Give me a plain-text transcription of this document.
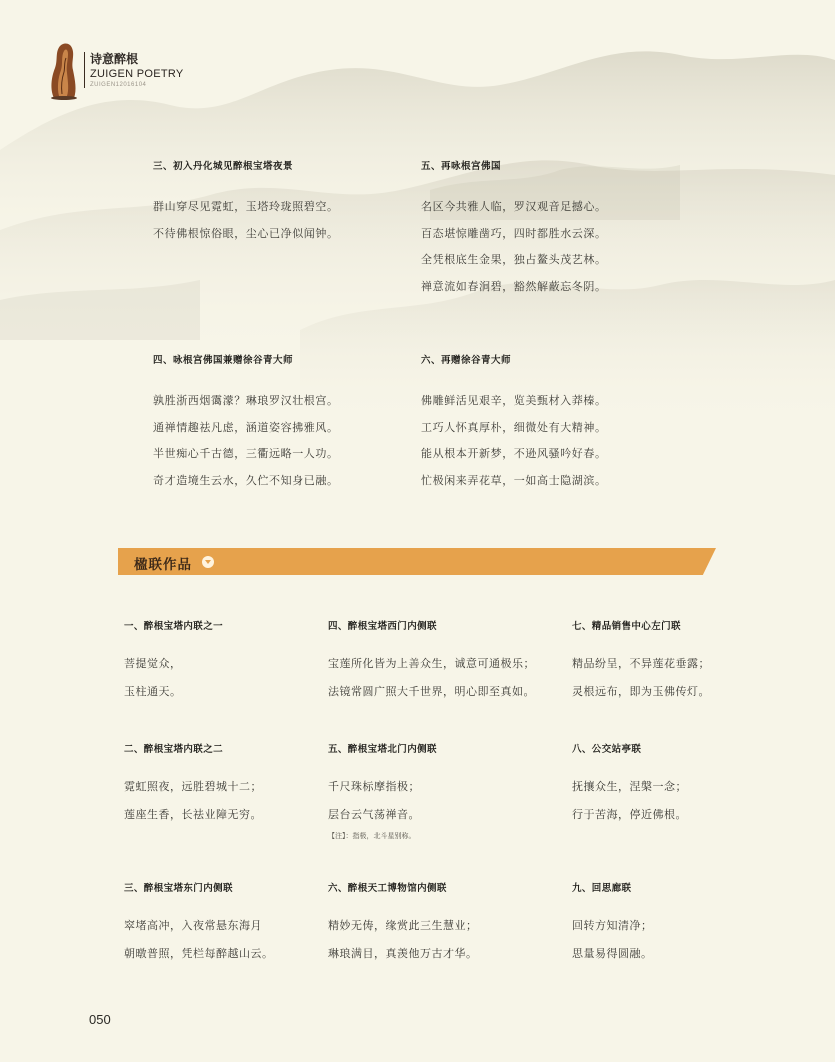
诗意醉根
ZUIGEN POETRY
ZUIGEN12016104
三、初入丹化城见醉根宝塔夜景
群山穿尽见霓虹，玉塔玲珑照碧空。
不待佛根惊俗眼，尘心已净似闻钟。
五、再咏根宫佛国
名区今共雅人临，罗汉观音足撼心。
百态堪惊雕凿巧，四时都胜水云深。
全凭根底生金果，独占鳌头茂艺林。
禅意流如春涧碧，豁然解蔽忘冬阴。
四、咏根宫佛国兼赠徐谷青大师
孰胜浙西烟霭濛？琳琅罗汉壮根宫。
通禅情趣祛凡虑，涵道姿容拂雅风。
半世痴心千古德，三衢远略一人功。
奇才造境生云水，久伫不知身已融。
六、再赠徐谷青大师
佛雕鲜活见艰辛，览美甄材入莽榛。
工巧人怀真厚朴，细微处有大精神。
能从根本开新梦，不逊风骚吟好春。
忙极闲来弄花草，一如高士隐湖滨。
楹联作品
一、醉根宝塔内联之一
菩提觉众，
玉柱通天。
四、醉根宝塔西门内侧联
宝莲所化皆为上善众生，诚意可通极乐；
法镜常圆广照大千世界，明心即至真如。
七、精品销售中心左门联
精品纷呈，不异莲花垂露；
灵根远布，即为玉佛传灯。
二、醉根宝塔内联之二
霓虹照夜，远胜碧城十二；
莲座生香，长祛业障无穷。
五、醉根宝塔北门内侧联
千尺珠标摩指极；
层台云气荡禅音。
【注】：指极，北斗星别称。
八、公交站亭联
抚攘众生，涅槃一念；
行于苦海，停近佛根。
三、醉根宝塔东门内侧联
窣堵高冲，入夜常悬东海月
朝暾普照，凭栏每醉越山云。
六、醉根天工博物馆内侧联
精妙无俦，缘赏此三生慧业；
琳琅满目，真羡他万古才华。
九、回思廊联
回转方知清净；
思量易得圆融。
050
